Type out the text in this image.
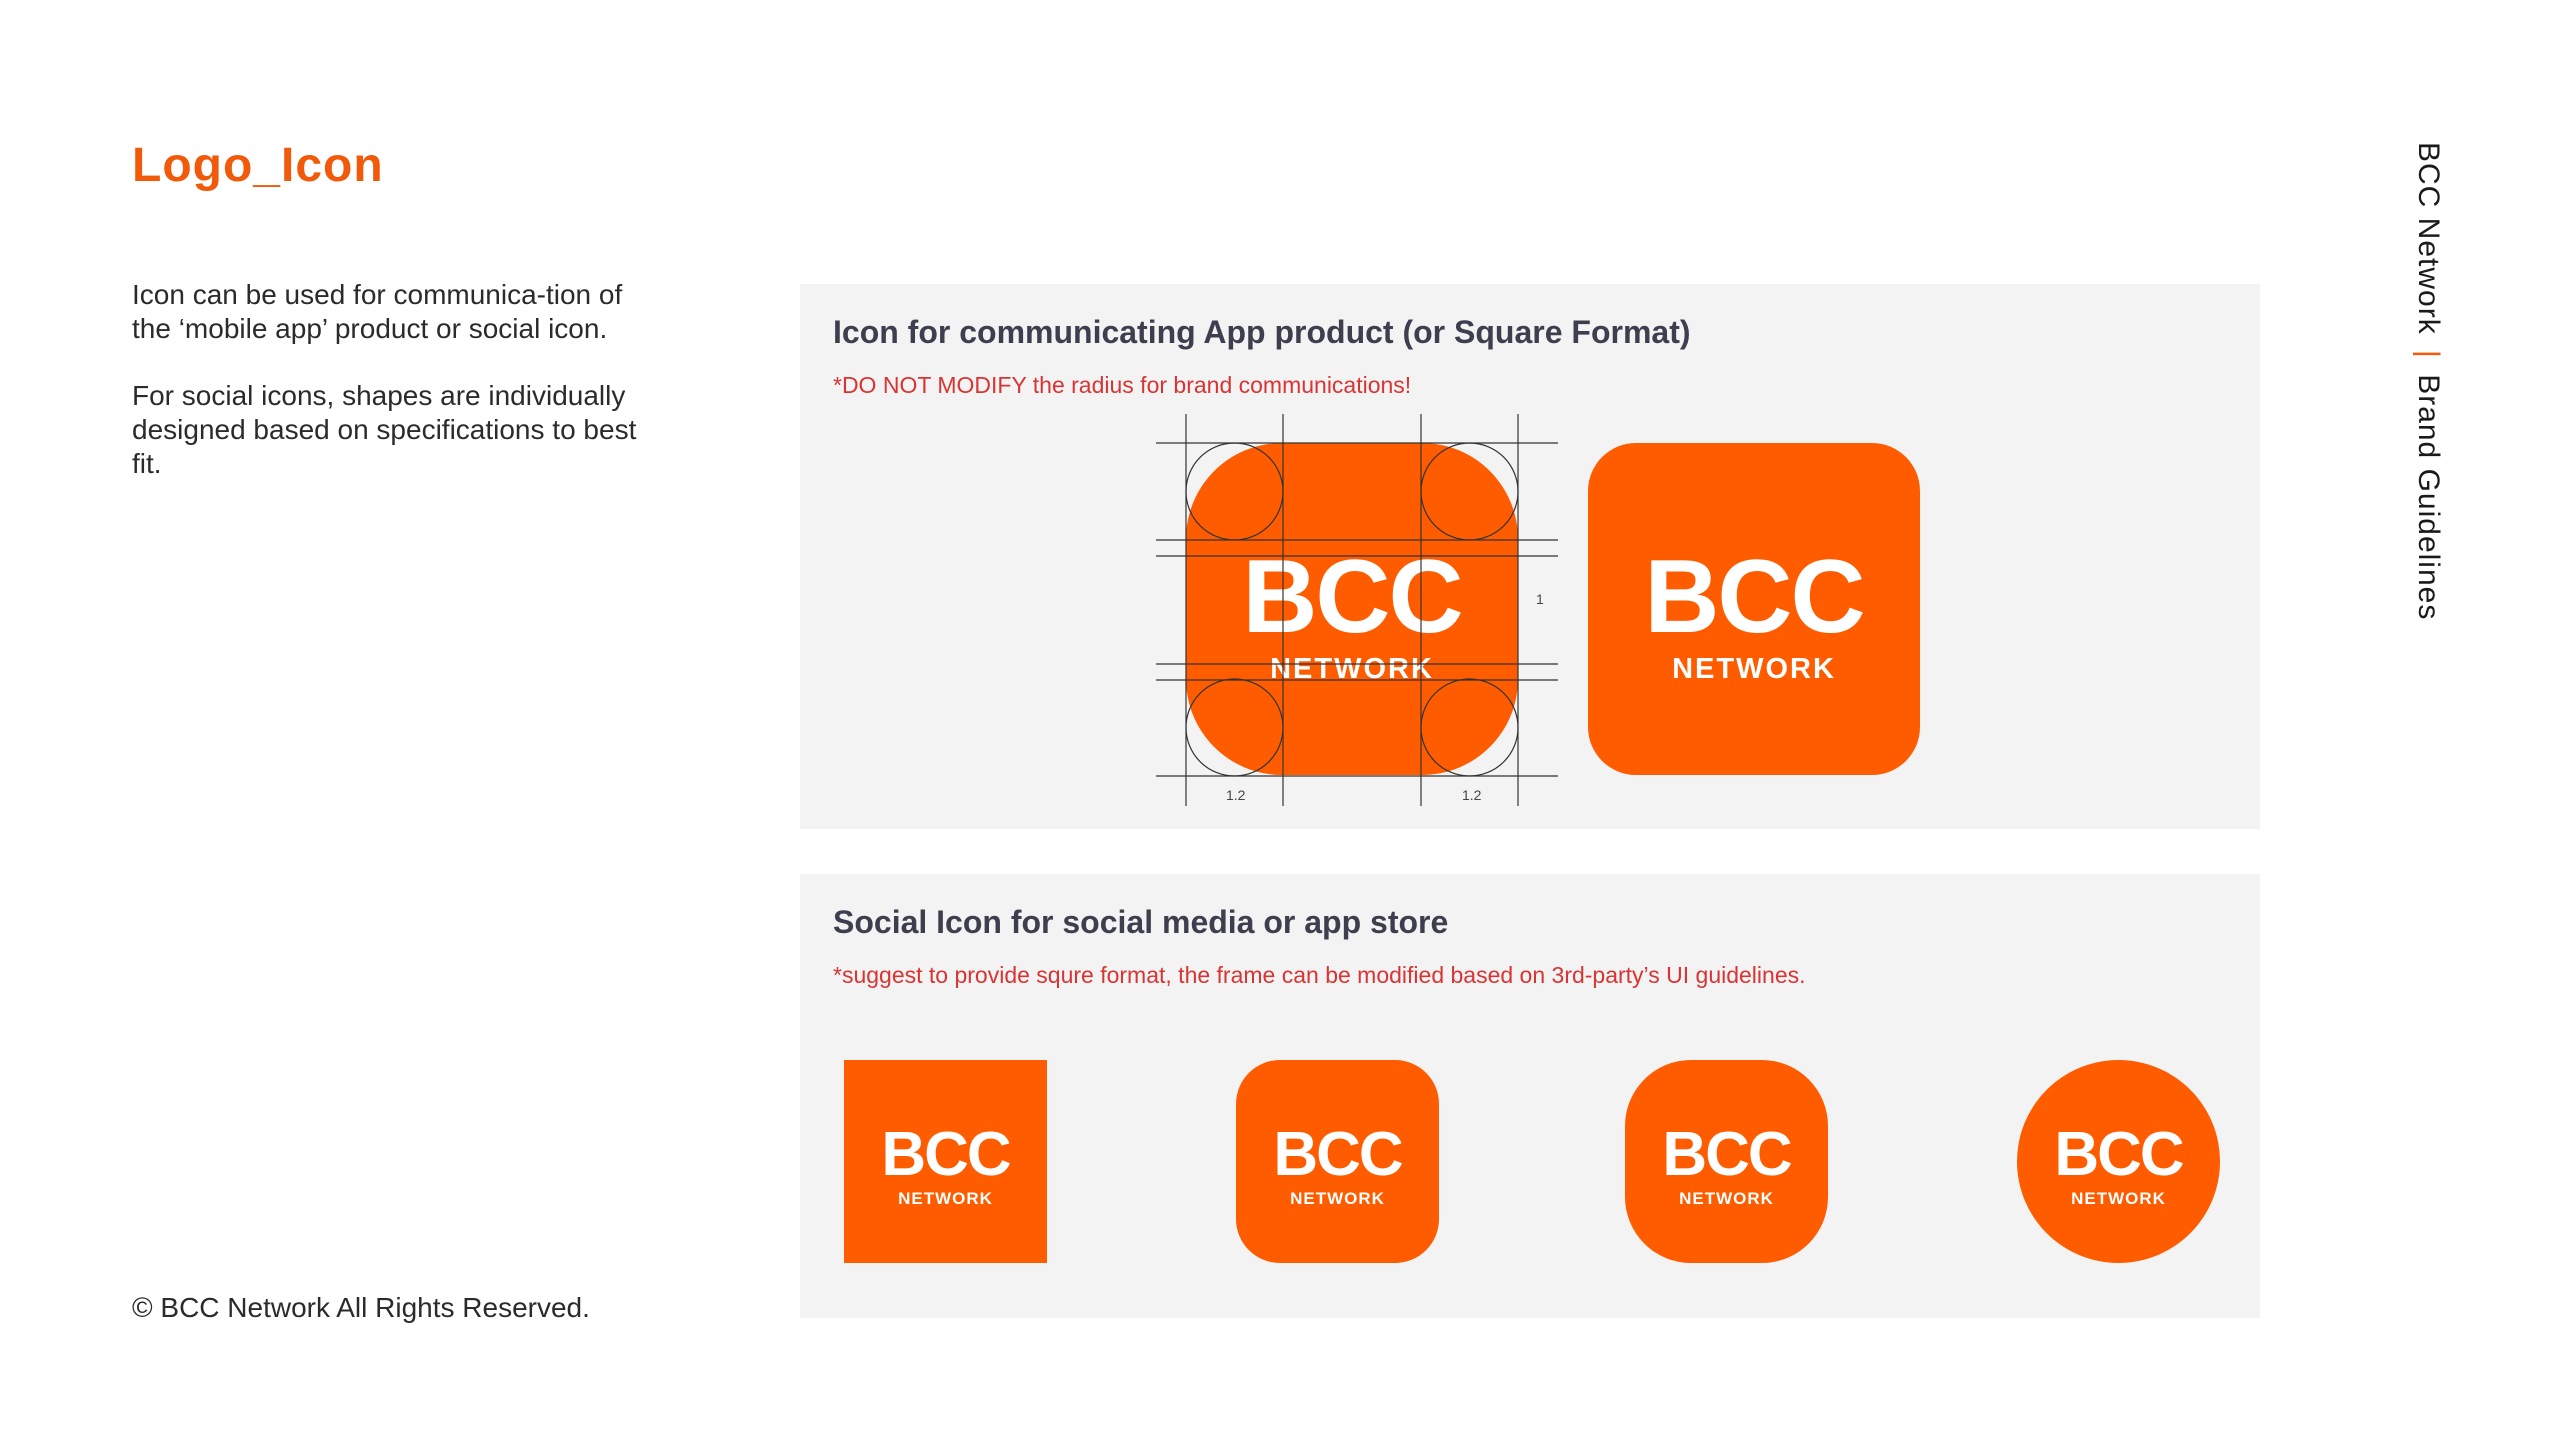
Logo_Icon

Icon can be used for communica-tion of the ‘mobile app’ product or social icon.

For social icons, shapes are individually designed based on specifications to best fit.

© BCC Network All Rights Reserved.
BCC Network | Brand Guidelines
Icon for communicating App product (or Square Format)
*DO NOT MODIFY the radius for brand communications!
BCC
NETWORK
1.2	1.2
1 BCC
NETWORK
Social Icon for social media or app store
*suggest to provide squre format, the frame can be modified based on 3rd-party’s UI guidelines.
BCC
NETWORK
BCC
NETWORK
BCC
NETWORK
BCC
NETWORK
